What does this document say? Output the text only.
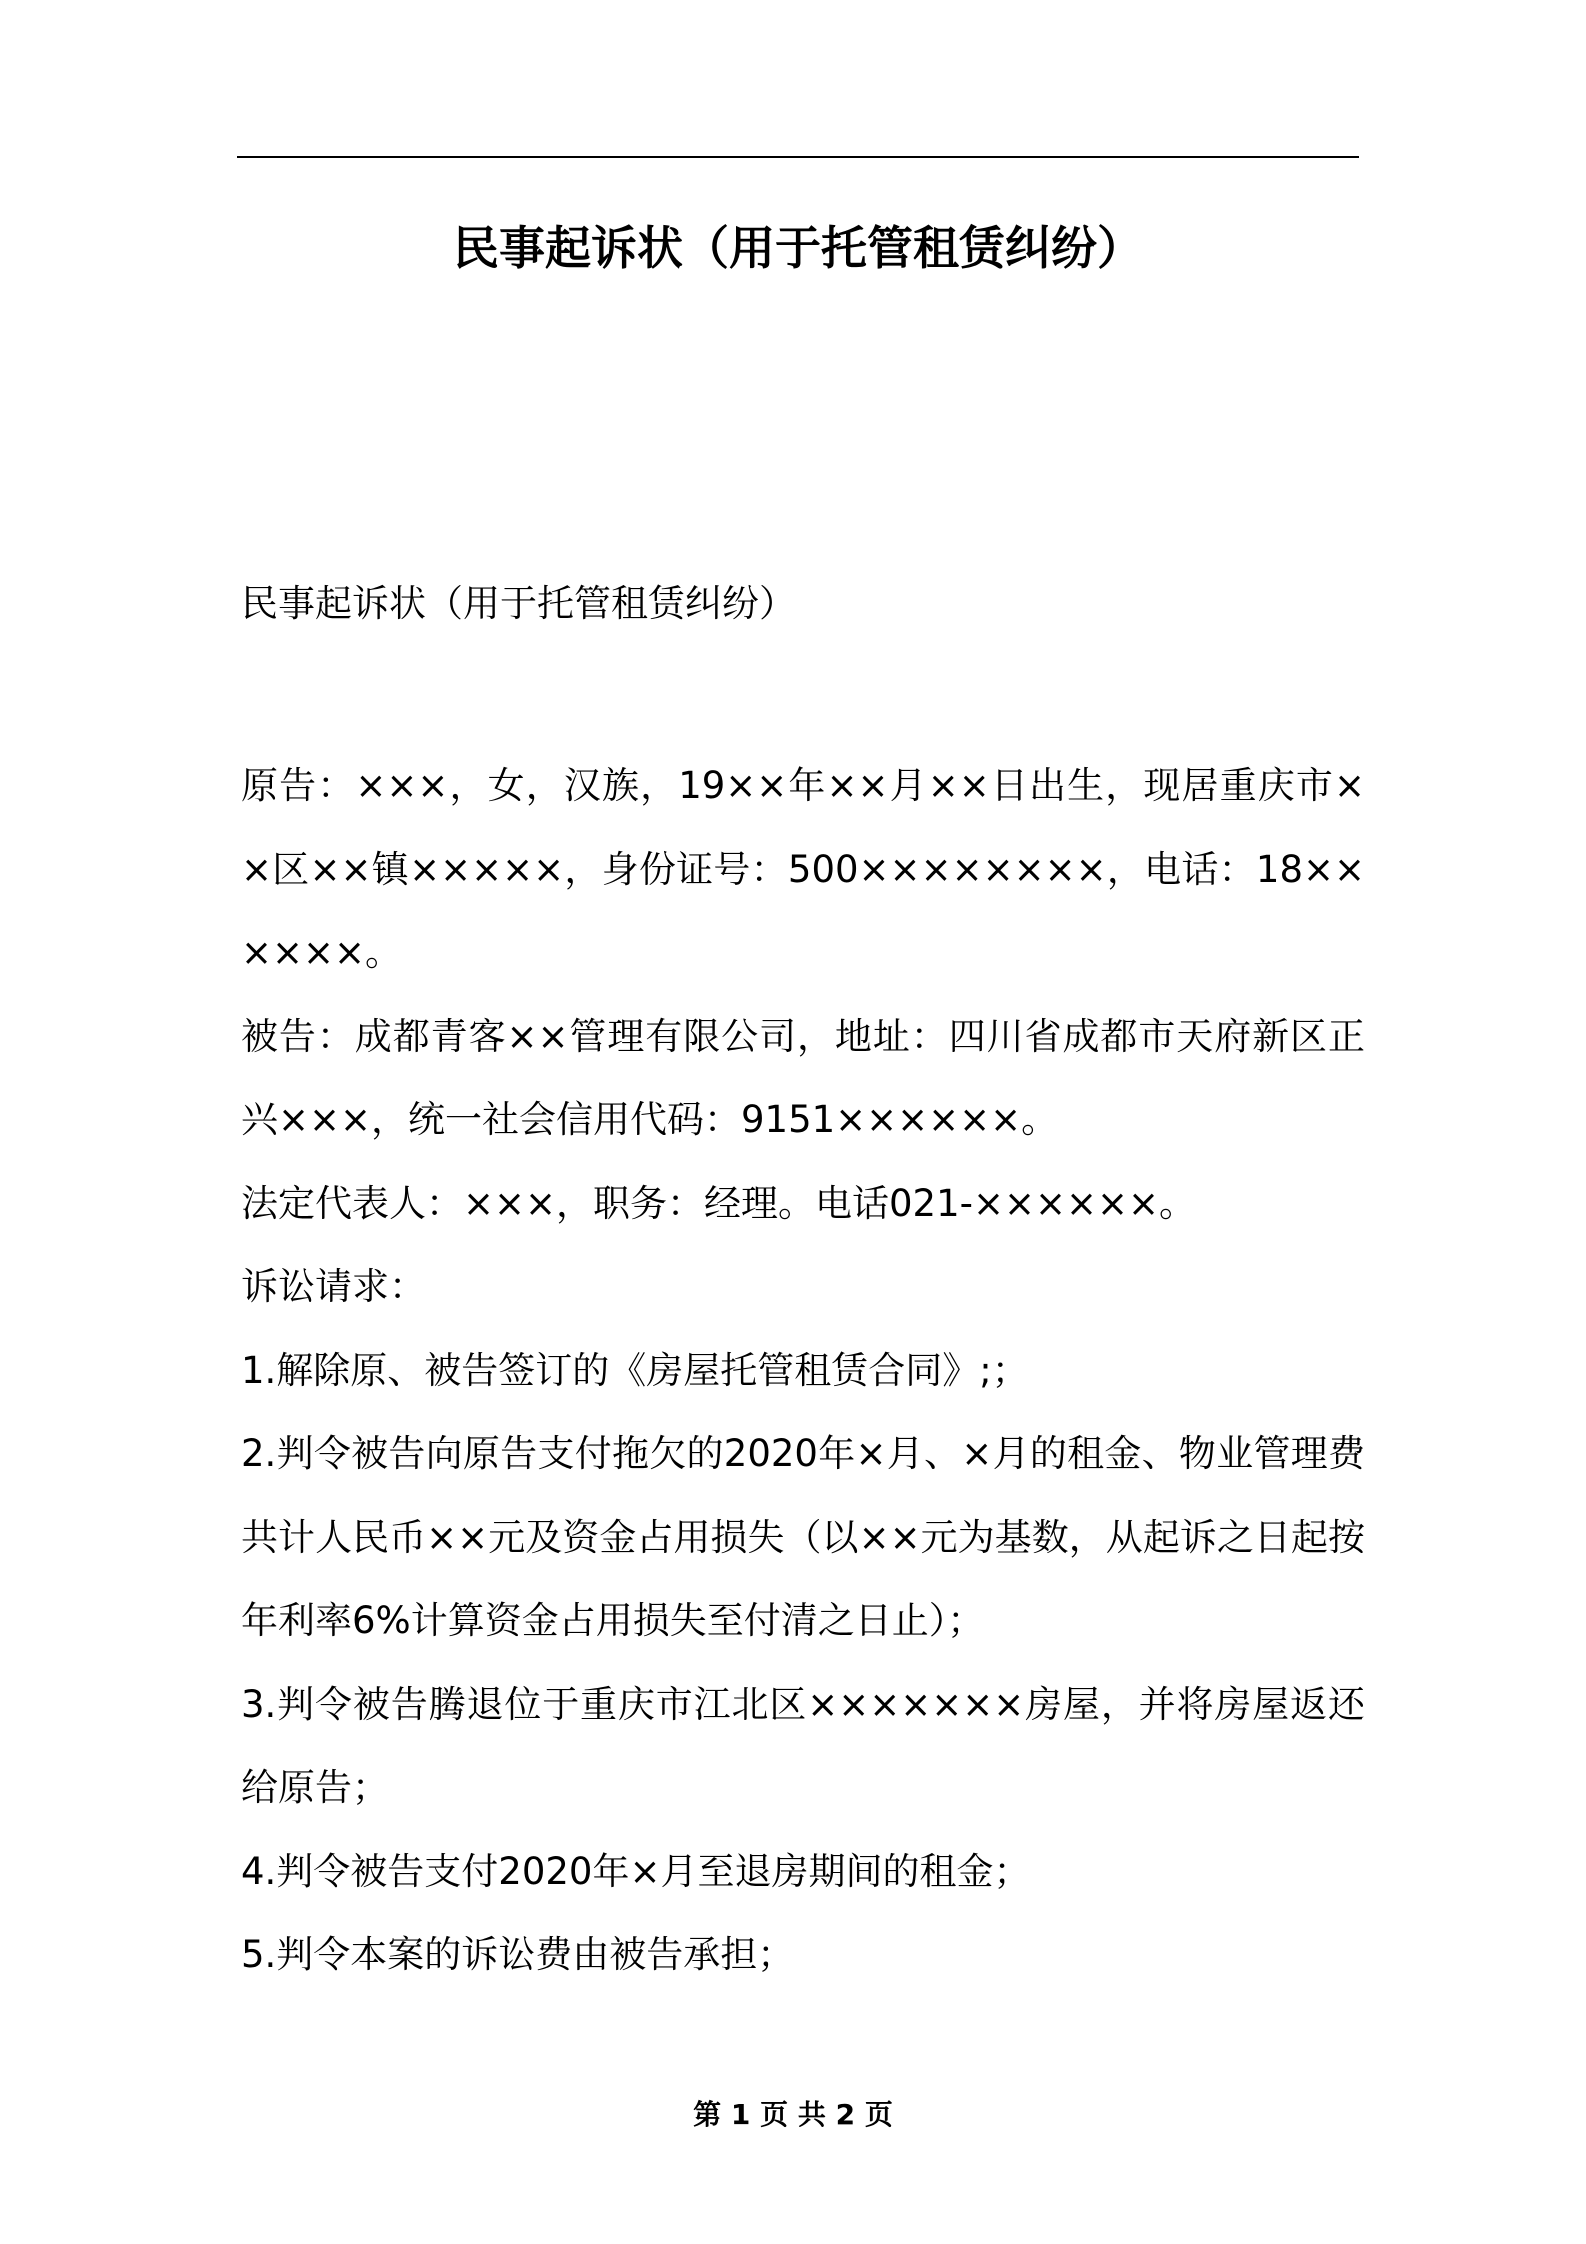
民事起诉状（用于托管租赁纠纷）
民事起诉状（用于托管租赁纠纷）

原告：×××，女，汉族，19××年××月××日出生，现居重庆市××区××镇×××××，身份证号：500××××××××，电话：18××××××。

被告：成都青客××管理有限公司，地址：四川省成都市天府新区正兴×××，统一社会信用代码：9151××××××。

法定代表人：×××，职务：经理。电话021-××××××。

诉讼请求：

1.解除原、被告签订的《房屋托管租赁合同》;；

2.判令被告向原告支付拖欠的2020年×月、×月的租金、物业管理费共计人民币××元及资金占用损失（以××元为基数，从起诉之日起按年利率6%计算资金占用损失至付清之日止）；

3.判令被告腾退位于重庆市江北区×××××××房屋，并将房屋返还给原告；

4.判令被告支付2020年×月至退房期间的租金；

5.判令本案的诉讼费由被告承担；

第 1 页 共 2 页
